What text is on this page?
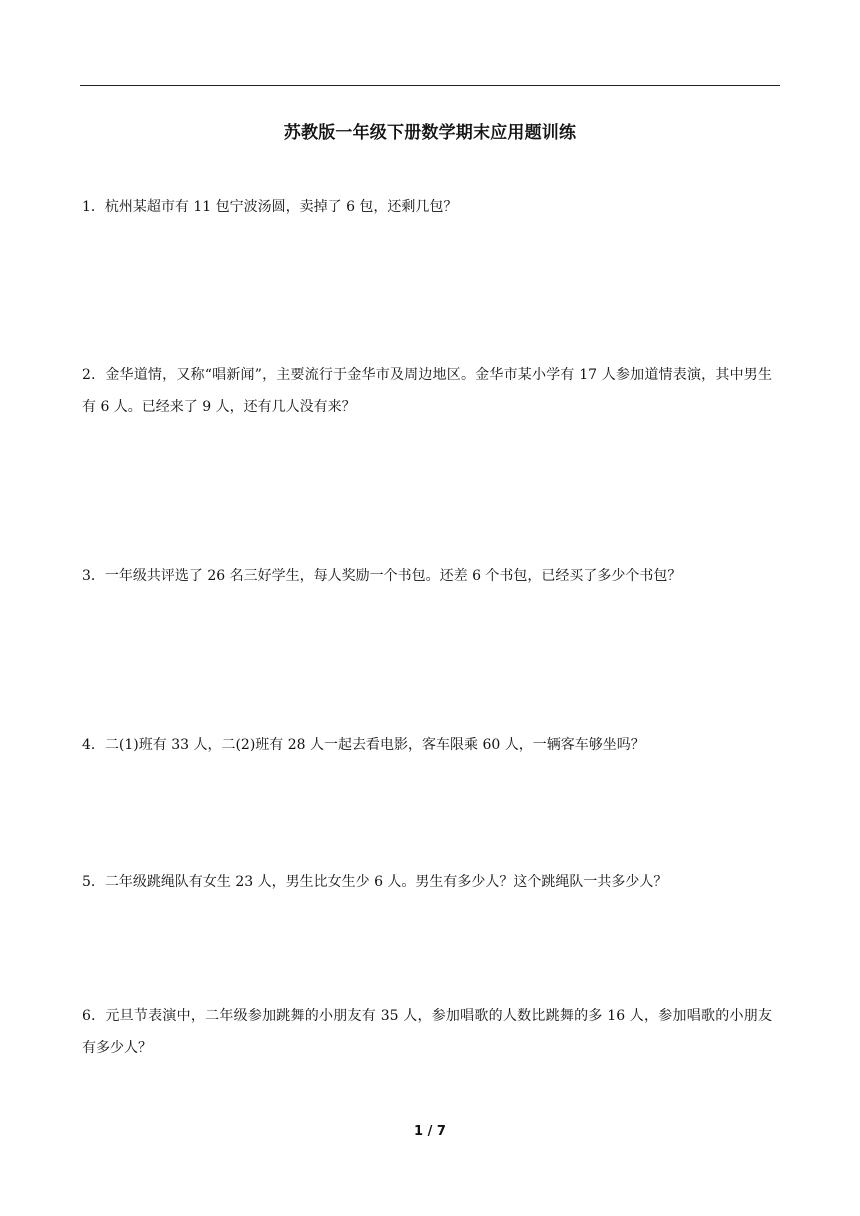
苏教版一年级下册数学期末应用题训练
1．杭州某超市有 11 包宁波汤圆，卖掉了 6 包，还剩几包？
2．金华道情，又称“唱新闻”，主要流行于金华市及周边地区。金华市某小学有 17 人参加道情表演，其中男生有 6 人。已经来了 9 人，还有几人没有来？
3．一年级共评选了 26 名三好学生，每人奖励一个书包。还差 6 个书包，已经买了多少个书包？
4．二(1)班有 33 人，二(2)班有 28 人一起去看电影，客车限乘 60 人，一辆客车够坐吗？
5．二年级跳绳队有女生 23 人，男生比女生少 6 人。男生有多少人？这个跳绳队一共多少人？
6．元旦节表演中，二年级参加跳舞的小朋友有 35 人，参加唱歌的人数比跳舞的多 16 人，参加唱歌的小朋友有多少人？
1 / 7
